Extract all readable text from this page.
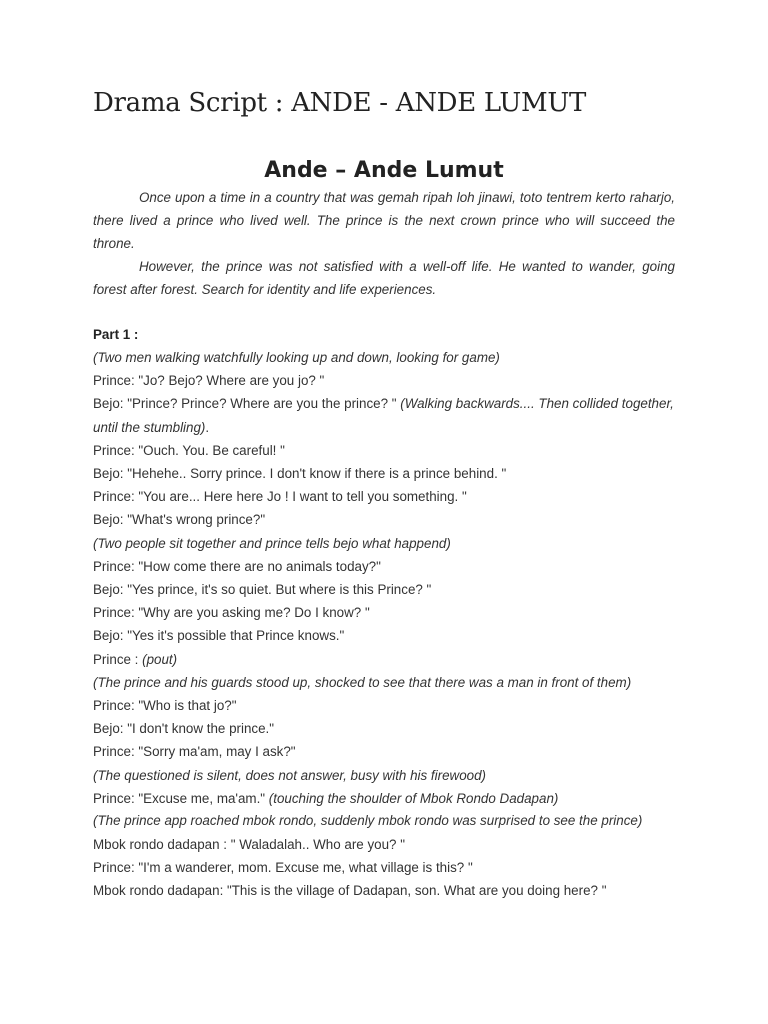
Drama Script : ANDE - ANDE LUMUT
Ande – Ande Lumut

Once upon a time in a country that was gemah ripah loh jinawi, toto tentrem kerto raharjo, there lived a prince who lived well. The prince is the next crown prince who will succeed the throne.

However, the prince was not satisfied with a well-off life. He wanted to wander, going forest after forest. Search for identity and life experiences.

Part 1 :

(Two men walking watchfully looking up and down, looking for game)
Prince: "Jo? Bejo? Where are you jo? "
Bejo: "Prince? Prince? Where are you the prince? " (Walking backwards.... Then collided together, until the stumbling).
Prince: "Ouch. You. Be careful! "
Bejo: "Hehehe.. Sorry prince. I don't know if there is a prince behind. "
Prince: "You are... Here here Jo ! I want to tell you something. "
Bejo: "What's wrong prince?"
(Two people sit together and prince tells bejo what happend)
Prince: "How come there are no animals today?"
Bejo: "Yes prince, it's so quiet. But where is this Prince? "
Prince: "Why are you asking me? Do I know? "
Bejo: "Yes it's possible that Prince knows."
Prince : (pout)
(The prince and his guards stood up, shocked to see that there was a man in front of them)
Prince: "Who is that jo?"
Bejo: "I don't know the prince."
Prince: "Sorry ma'am, may I ask?"
(The questioned is silent, does not answer, busy with his firewood)
Prince: "Excuse me, ma'am." (touching the shoulder of Mbok Rondo Dadapan)
(The prince app roached mbok rondo, suddenly mbok rondo was surprised to see the prince)
Mbok rondo dadapan : " Waladalah.. Who are you? "
Prince: "I'm a wanderer, mom. Excuse me, what village is this? "
Mbok rondo dadapan: "This is the village of Dadapan, son. What are you doing here? "
